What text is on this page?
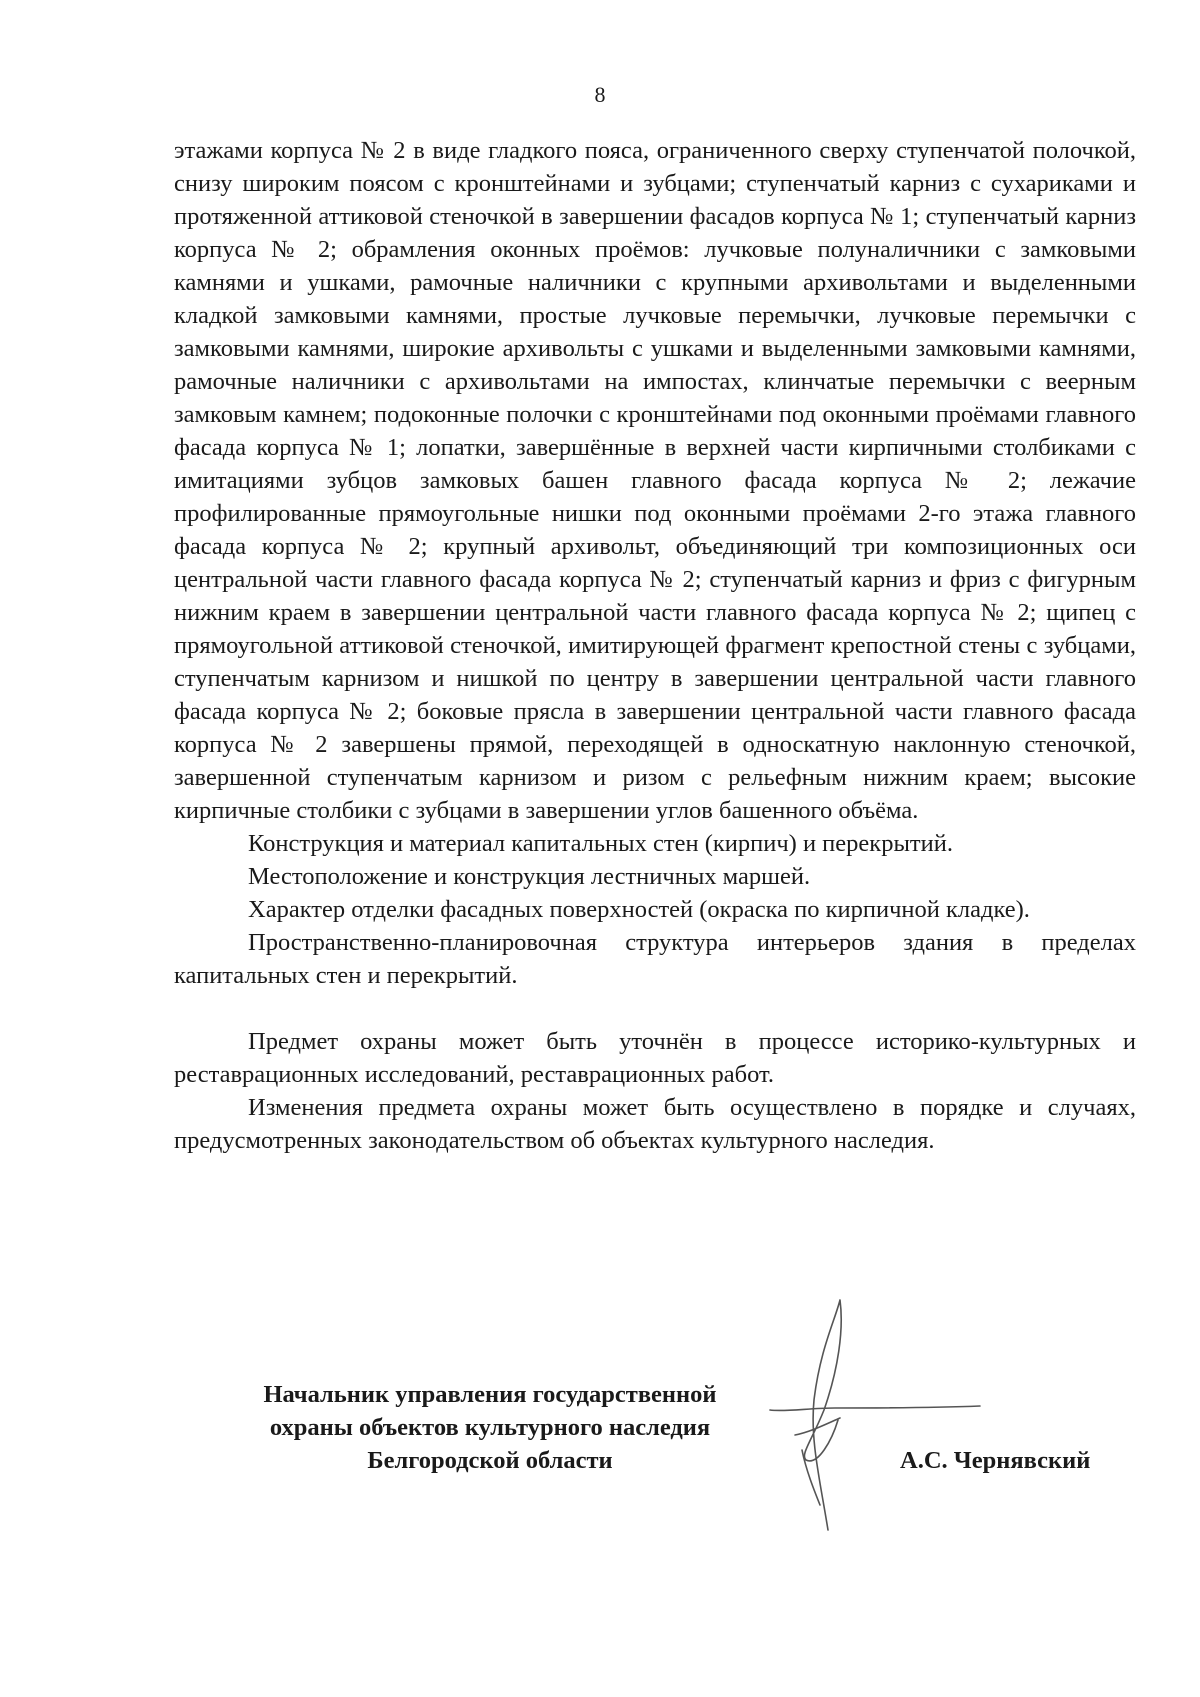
8

этажами корпуса № 2 в виде гладкого пояса, ограниченного сверху ступенчатой полочкой, снизу широким поясом с кронштейнами и зубцами; ступенчатый карниз с сухариками и протяженной аттиковой стеночкой в завершении фасадов корпуса № 1; ступенчатый карниз корпуса № 2; обрамления оконных проёмов: лучковые полуналичники с замковыми камнями и ушками, рамочные наличники с крупными архивольтами и выделенными кладкой замковыми камнями, простые лучковые перемычки, лучковые перемычки с замковыми камнями, широкие архивольты с ушками и выделенными замковыми камнями, рамочные наличники с архивольтами на импостах, клинчатые перемычки с веерным замковым камнем; подоконные полочки с кронштейнами под оконными проёмами главного фасада корпуса № 1; лопатки, завершённые в верхней части кирпичными столбиками с имитациями зубцов замковых башен главного фасада корпуса № 2; лежачие профилированные прямоугольные нишки под оконными проёмами 2-го этажа главного фасада корпуса № 2; крупный архивольт, объединяющий три композиционных оси центральной части главного фасада корпуса № 2; ступенчатый карниз и фриз с фигурным нижним краем в завершении центральной части главного фасада корпуса № 2; щипец с прямоугольной аттиковой стеночкой, имитирующей фрагмент крепостной стены с зубцами, ступенчатым карнизом и нишкой по центру в завершении центральной части главного фасада корпуса № 2; боковые прясла в завершении центральной части главного фасада корпуса № 2 завершены прямой, переходящей в односкатную наклонную стеночкой, завершенной ступенчатым карнизом и ризом с рельефным нижним краем; высокие кирпичные столбики с зубцами в завершении углов башенного объёма.

Конструкция и материал капитальных стен (кирпич) и перекрытий.

Местоположение и конструкция лестничных маршей.

Характер отделки фасадных поверхностей (окраска по кирпичной кладке).

Пространственно-планировочная структура интерьеров здания в пределах капитальных стен и перекрытий.

Предмет охраны может быть уточнён в процессе историко-культурных и реставрационных исследований, реставрационных работ.

Изменения предмета охраны может быть осуществлено в порядке и случаях, предусмотренных законодательством об объектах культурного наследия.

Начальник управления государственной
охраны объектов культурного наследия
Белгородской области	А.С. Чернявский
